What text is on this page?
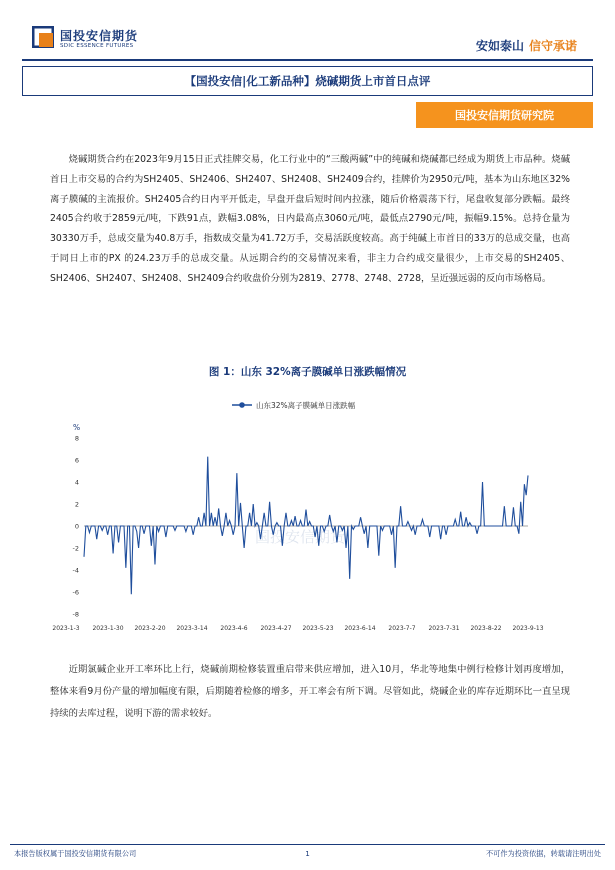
国投安信期货
SDIC ESSENCE FUTURES	安如泰山 信守承诺
【国投安信|化工新品种】烧碱期货上市首日点评
国投安信期货研究院
烧碱期货合约在2023年9月15日正式挂牌交易，化工行业中的“三酸两碱”中的纯碱和烧碱都已经成为期货上市品种。烧碱首日上市交易的合约为SH2405、SH2406、SH2407、SH2408、SH2409合约，挂牌价为2950元/吨，基本为山东地区32%离子膜碱的主流报价。SH2405合约日内平开低走，早盘开盘后短时间内拉涨，随后价格震荡下行，尾盘收复部分跌幅。最终2405合约收于2859元/吨，下跌91点，跌幅3.08%，日内最高点3060元/吨，最低点2790元/吨，振幅9.15%。总持仓量为30330万手，总成交量为40.8万手，指数成交量为41.72万手，交易活跃度较高。高于纯碱上市首日的33万的总成交量，也高于同日上市的PX 的24.23万手的总成交量。从远期合约的交易情况来看，非主力合约成交量很少，上市交易的SH2405、SH2406、SH2407、SH2408、SH2409合约收盘价分别为2819、2778、2748、2728，呈近强远弱的反向市场格局。
图 1：山东 32%离子膜碱单日涨跌幅情况
国投安信期货
山东32%离子膜碱单日涨跌幅
%
8
6
4
2
0
-2
-4
-6
-8
2023-1-3 2023-1-30 2023-2-20 2023-3-14 2023-4-6 2023-4-27 2023-5-23 2023-6-14 2023-7-7 2023-7-31 2023-8-22 2023-9-13
近期氯碱企业开工率环比上行，烧碱前期检修装置重启带来供应增加，进入10月，华北等地集中例行检修计划再度增加，整体来看9月份产量的增加幅度有限，后期随着检修的增多，开工率会有所下调。尽管如此，烧碱企业的库存近期环比一直呈现持续的去库过程，说明下游的需求较好。
本报告版权属于国投安信期货有限公司	1	不可作为投资依据，转载请注明出处
